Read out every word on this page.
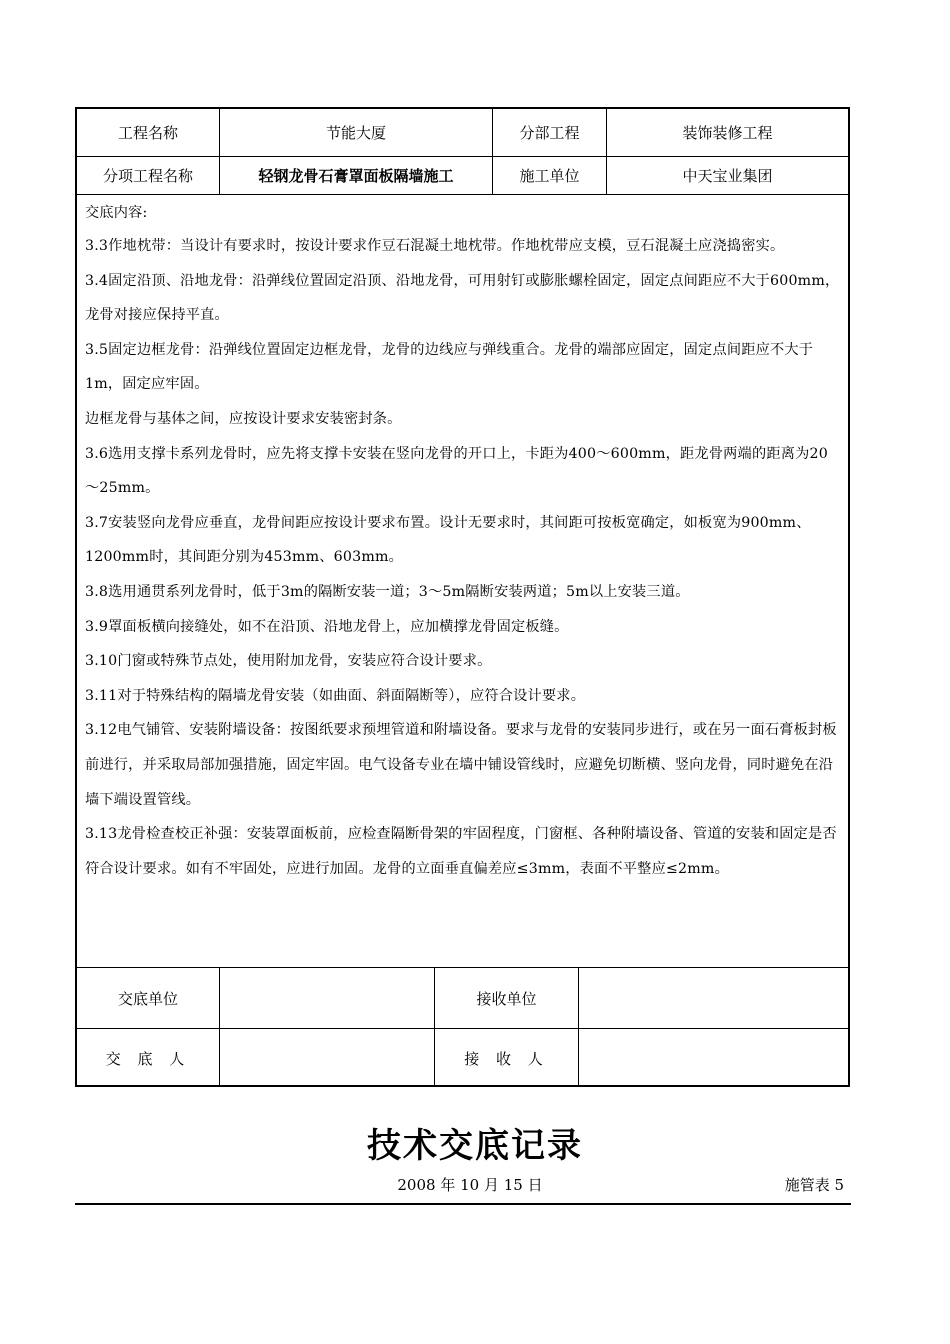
工程名称	节能大厦	分部工程	装饰装修工程
分项工程名称	轻钢龙骨石膏罩面板隔墙施工	施工单位	中天宝业集团

交底内容:

3.3作地枕带：当设计有要求时，按设计要求作豆石混凝土地枕带。作地枕带应支模，豆石混凝土应浇捣密实。

3.4固定沿顶、沿地龙骨：沿弹线位置固定沿顶、沿地龙骨，可用射钉或膨胀螺栓固定，固定点间距应不大于600mm，龙骨对接应保持平直。

3.5固定边框龙骨：沿弹线位置固定边框龙骨，龙骨的边线应与弹线重合。龙骨的端部应固定，固定点间距应不大于1m，固定应牢固。

边框龙骨与基体之间，应按设计要求安装密封条。

3.6选用支撑卡系列龙骨时，应先将支撑卡安装在竖向龙骨的开口上，卡距为400～600mm，距龙骨两端的距离为20～25mm。

3.7安装竖向龙骨应垂直，龙骨间距应按设计要求布置。设计无要求时，其间距可按板宽确定，如板宽为900mm、1200mm时，其间距分别为453mm、603mm。

3.8选用通贯系列龙骨时，低于3m的隔断安装一道；3～5m隔断安装两道；5m以上安装三道。

3.9罩面板横向接缝处，如不在沿顶、沿地龙骨上，应加横撑龙骨固定板缝。

3.10门窗或特殊节点处，使用附加龙骨，安装应符合设计要求。

3.11对于特殊结构的隔墙龙骨安装（如曲面、斜面隔断等），应符合设计要求。

3.12电气铺管、安装附墙设备：按图纸要求预埋管道和附墙设备。要求与龙骨的安装同步进行，或在另一面石膏板封板前进行，并采取局部加强措施，固定牢固。电气设备专业在墙中铺设管线时，应避免切断横、竖向龙骨，同时避免在沿墙下端设置管线。

3.13龙骨检查校正补强：安装罩面板前，应检查隔断骨架的牢固程度，门窗框、各种附墙设备、管道的安装和固定是否符合设计要求。如有不牢固处，应进行加固。龙骨的立面垂直偏差应≤3mm，表面不平整应≤2mm。

交底单位	接收单位
交 底 人	接 收 人
技术交底记录
2008 年 10 月 15 日	施管表 5
